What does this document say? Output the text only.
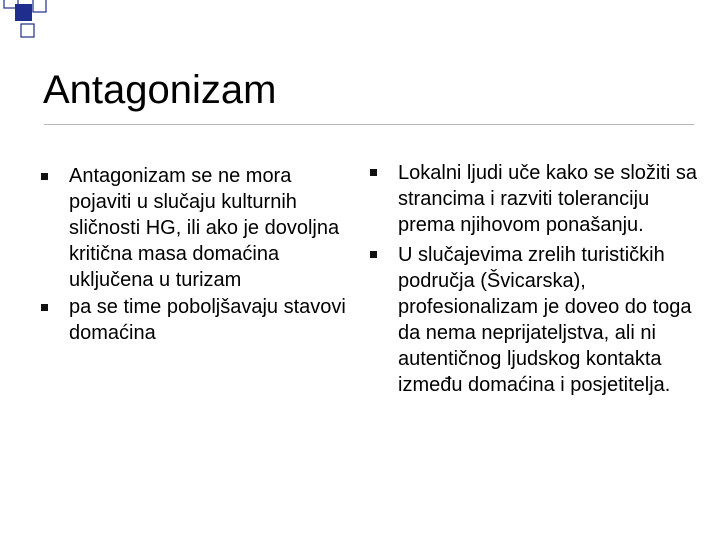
Antagonizam
Antagonizam se ne mora pojaviti u slučaju kulturnih sličnosti HG, ili ako je dovoljna kritična masa domaćina uključena u turizam
pa se time poboljšavaju stavovi domaćina
Lokalni ljudi uče kako se složiti sa strancima i razviti toleranciju prema njihovom ponašanju.
U slučajevima zrelih turističkih područja (Švicarska), profesionalizam je doveo do toga da nema neprijateljstva, ali ni autentičnog ljudskog kontakta između domaćina i posjetitelja.
